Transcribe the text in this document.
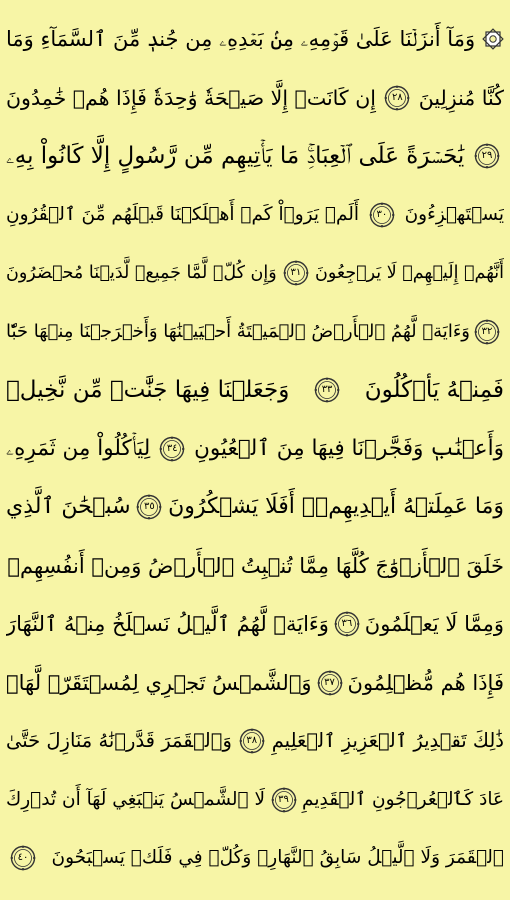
وَمَآ أَنزَلۡنَا عَلَىٰ قَوۡمِهِۦ مِنۢ بَعۡدِهِۦ مِن جُندٖ مِّنَ ٱلسَّمَآءِ وَمَا
كُنَّا مُنزِلِينَ
٢٨
إِن كَانَتۡ إِلَّا صَيۡحَةٗ وَٰحِدَةٗ فَإِذَا هُمۡ خَٰمِدُونَ
٢٩
يَٰحَسۡرَةً عَلَى ٱلۡعِبَادِۚ مَا يَأۡتِيهِم مِّن رَّسُولٍ إِلَّا كَانُواْ بِهِۦ
يَسۡتَهۡزِءُونَ
٣٠
أَلَمۡ يَرَوۡاْ كَمۡ أَهۡلَكۡنَا قَبۡلَهُم مِّنَ ٱلۡقُرُونِ
أَنَّهُمۡ إِلَيۡهِمۡ لَا يَرۡجِعُونَ
٣١
وَإِن كُلّٞ لَّمَّا جَمِيعٞ لَّدَيۡنَا مُحۡضَرُونَ
٣٢
وَءَايَةٞ لَّهُمُ ٱلۡأَرۡضُ ٱلۡمَيۡتَةُ أَحۡيَيۡنَٰهَا وَأَخۡرَجۡنَا مِنۡهَا حَبّٗا
فَمِنۡهُ يَأۡكُلُونَ
٣٣
وَجَعَلۡنَا فِيهَا جَنَّٰتٖ مِّن نَّخِيلٖ
وَأَعۡنَٰبٖ وَفَجَّرۡنَا فِيهَا مِنَ ٱلۡعُيُونِ
٣٤
لِيَأۡكُلُواْ مِن ثَمَرِهِۦ
وَمَا عَمِلَتۡهُ أَيۡدِيهِمۡۚ أَفَلَا يَشۡكُرُونَ
٣٥
سُبۡحَٰنَ ٱلَّذِي
خَلَقَ ٱلۡأَزۡوَٰجَ كُلَّهَا مِمَّا تُنۢبِتُ ٱلۡأَرۡضُ وَمِنۡ أَنفُسِهِمۡ
وَمِمَّا لَا يَعۡلَمُونَ
٣٦
وَءَايَةٞ لَّهُمُ ٱلَّيۡلُ نَسۡلَخُ مِنۡهُ ٱلنَّهَارَ
فَإِذَا هُم مُّظۡلِمُونَ
٣٧
وَٱلشَّمۡسُ تَجۡرِي لِمُسۡتَقَرّٖ لَّهَاۚ
ذَٰلِكَ تَقۡدِيرُ ٱلۡعَزِيزِ ٱلۡعَلِيمِ
٣٨
وَٱلۡقَمَرَ قَدَّرۡنَٰهُ مَنَازِلَ حَتَّىٰ
عَادَ كَٱلۡعُرۡجُونِ ٱلۡقَدِيمِ
٣٩
لَا ٱلشَّمۡسُ يَنۢبَغِي لَهَآ أَن تُدۡرِكَ
ٱلۡقَمَرَ وَلَا ٱلَّيۡلُ سَابِقُ ٱلنَّهَارِۚ وَكُلّٞ فِي فَلَكٖ يَسۡبَحُونَ
٤٠
